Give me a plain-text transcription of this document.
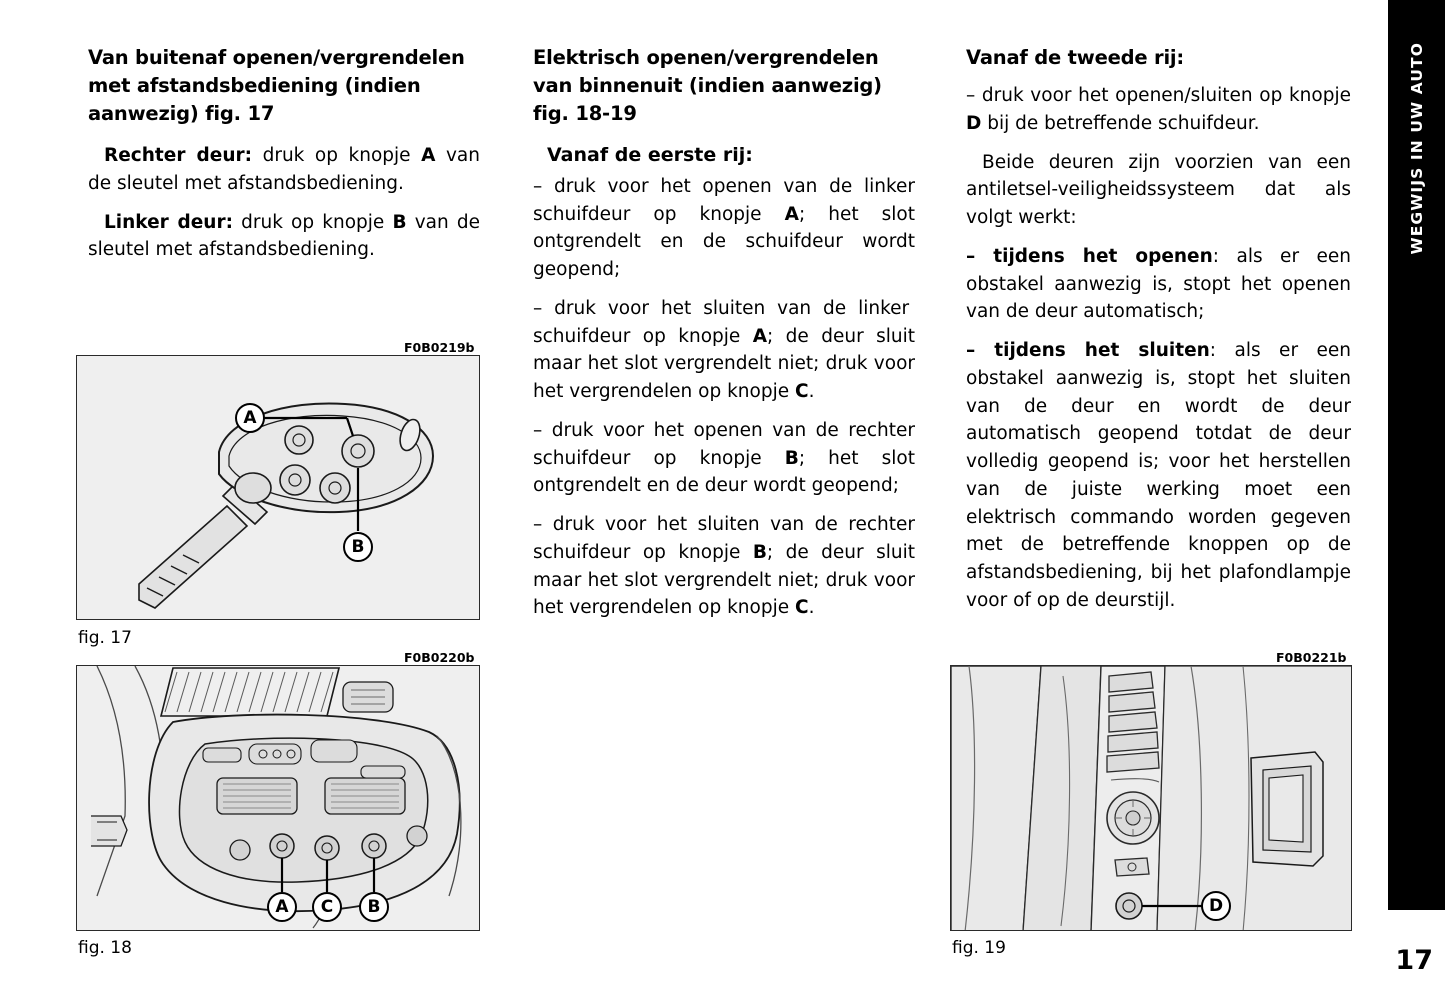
Van buitenaf openen/vergrendelen met afstandsbediening (indien aanwezig) fig. 17

Rechter deur: druk op knopje A van de sleutel met afstandsbediening.

Linker deur: druk op knopje B van de sleutel met afstandsbediening.

F0B0219b
A
B
fig. 17
F0B0220b
A	C	B
fig. 18
Elektrisch openen/vergrendelen van binnenuit (indien aanwezig) fig. 18-19
Vanaf de eerste rij:

– druk voor het openen van de linker schuifdeur op knopje A; het slot ontgrendelt en de schuifdeur wordt geopend;

– druk voor het sluiten van de linker  schuifdeur op knopje A; de deur sluit maar het slot vergrendelt niet; druk voor het vergrendelen op knopje C.

– druk voor het openen van de rechter schuifdeur op knopje B; het slot ontgrendelt en de deur wordt geopend;

– druk voor het sluiten van de rechter schuifdeur op knopje B; de deur sluit maar het slot vergrendelt niet; druk voor het vergrendelen op knopje C.

Vanaf de tweede rij:

– druk voor het openen/sluiten op knopje D bij de betreffende schuifdeur.

Beide deuren zijn voorzien van een antiletsel-veiligheidssysteem dat als volgt werkt:

– tijdens het openen: als er een obstakel aanwezig is, stopt het openen van de deur automatisch;

– tijdens het sluiten: als er een obstakel aanwezig is, stopt het sluiten van de deur en wordt de deur automatisch geopend totdat de deur volledig geopend is; voor het herstellen van de juiste werking moet een elektrisch commando worden gegeven met de betreffende knoppen op de afstandsbediening, bij het plafondlampje voor of op de deurstijl.

F0B0221b
D
fig. 19
WEGWIJS IN UW AUTO
17
